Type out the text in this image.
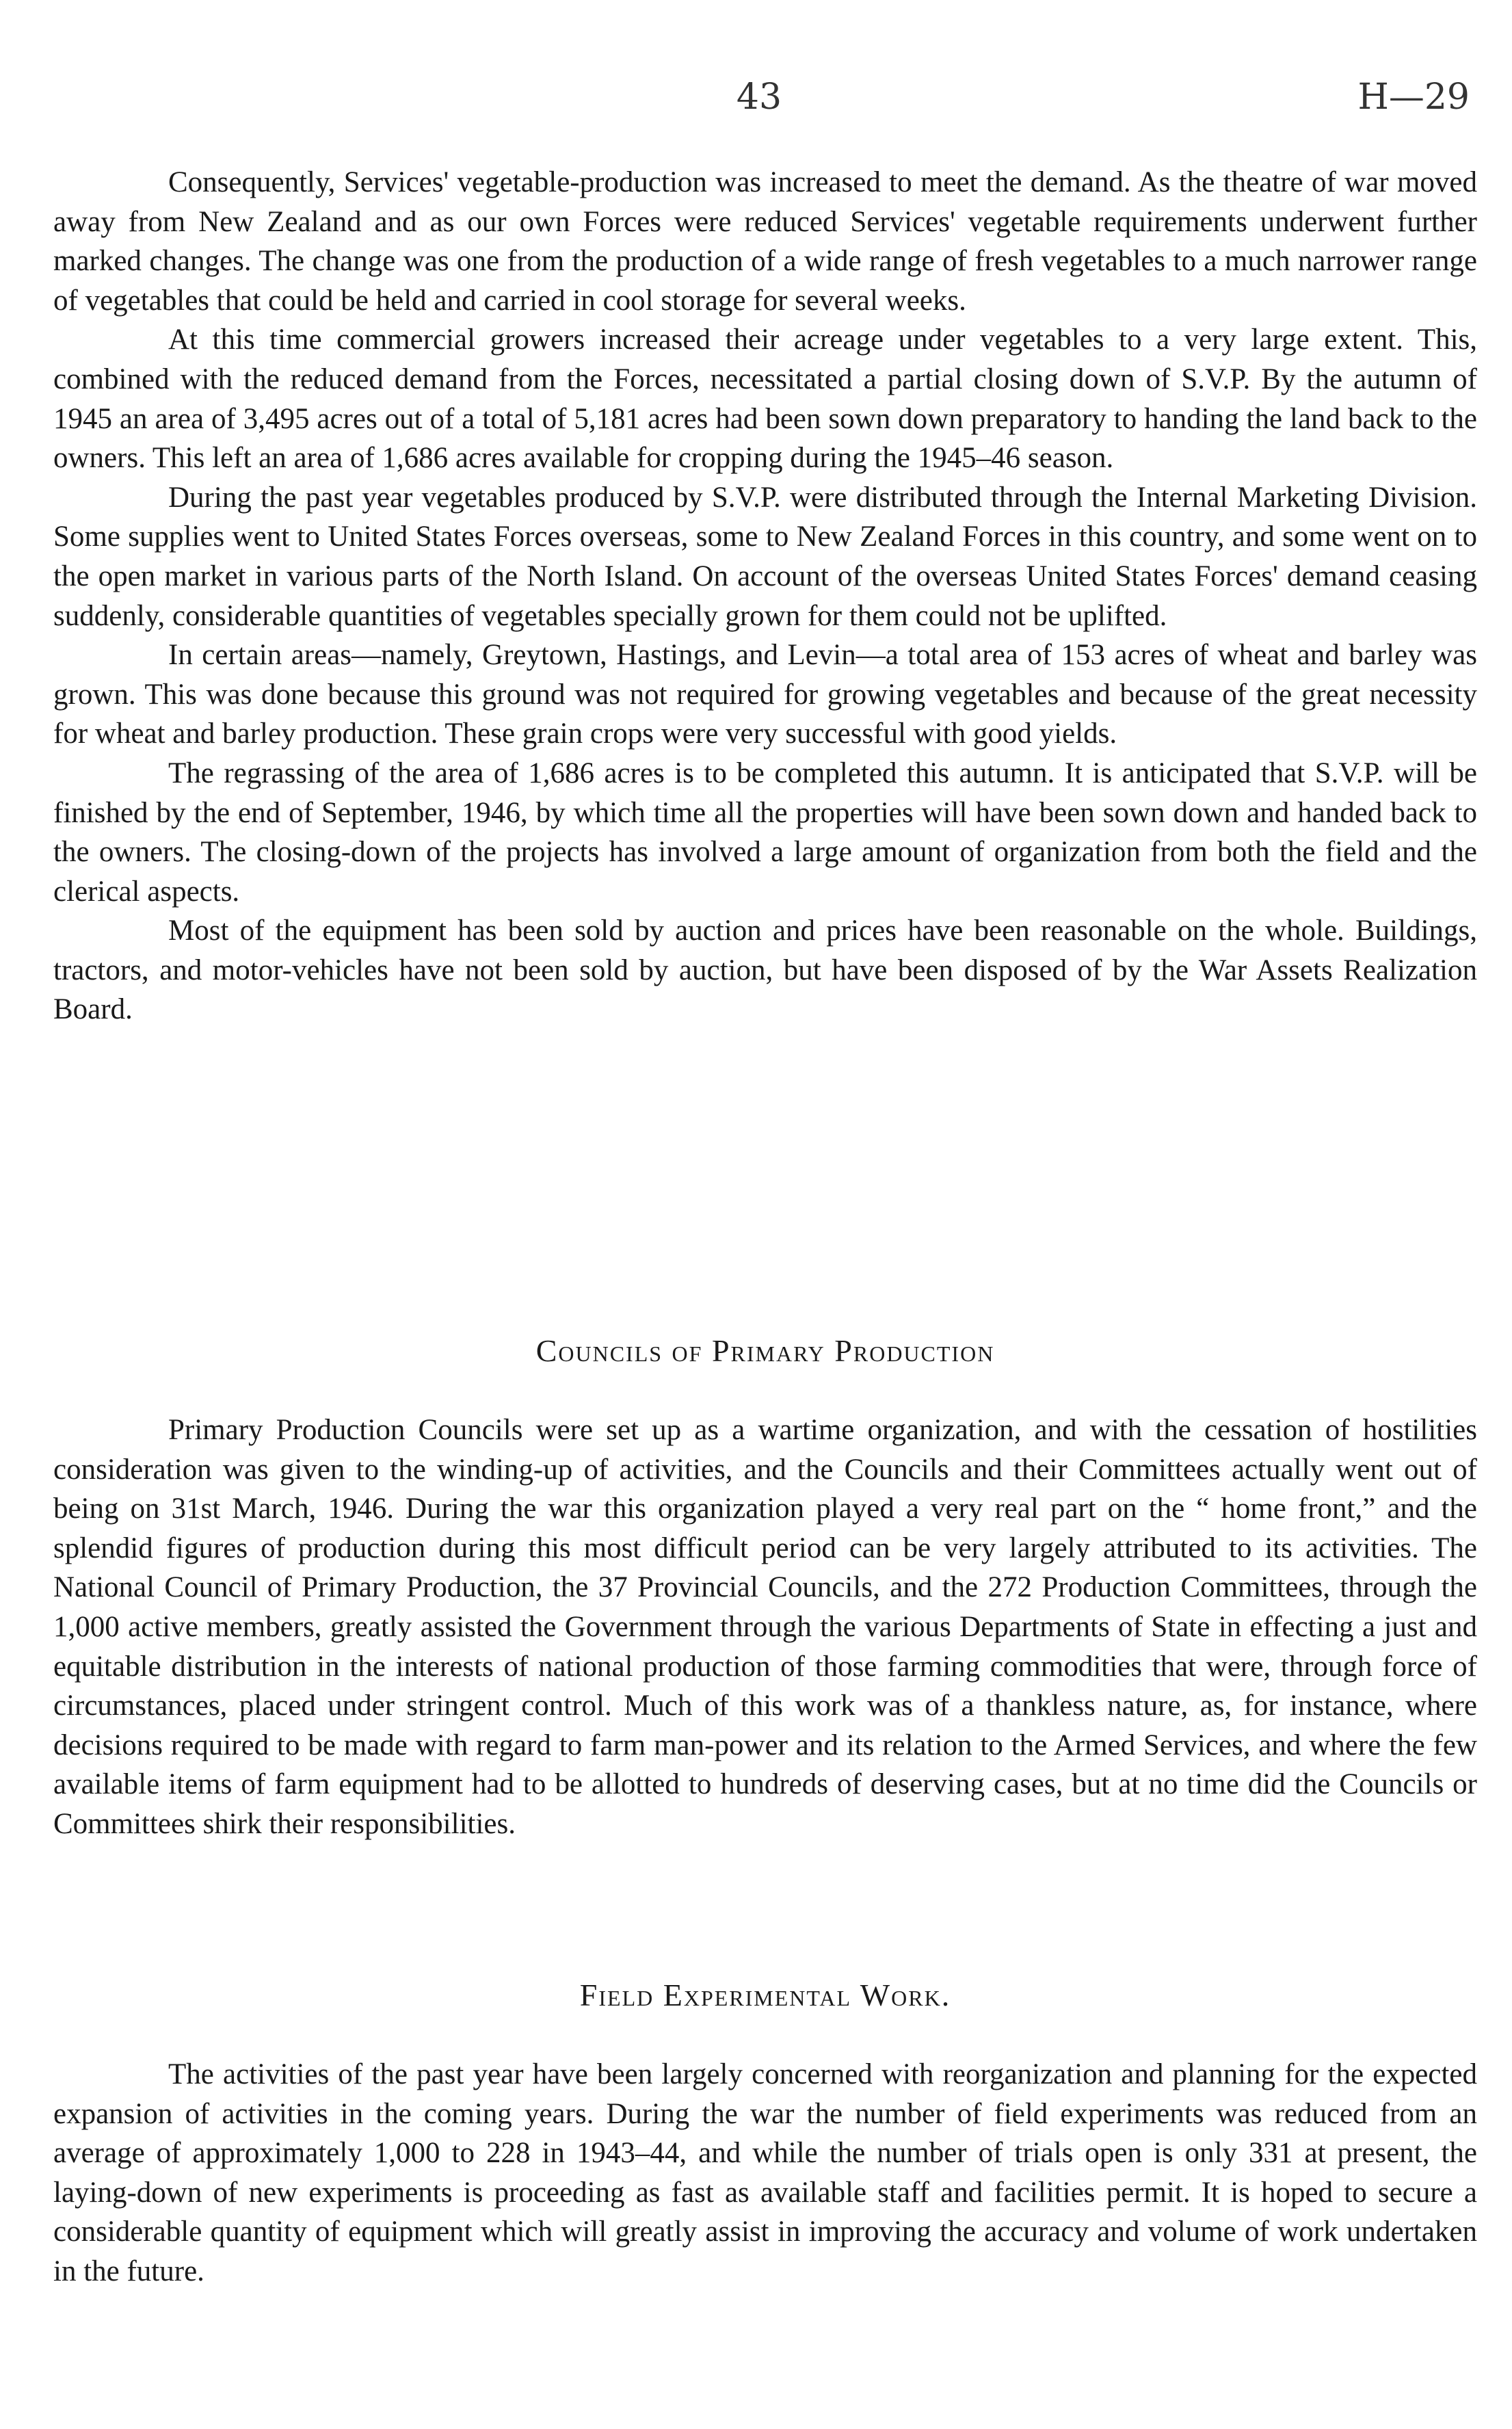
43	H—29

Consequently, Services' vegetable-production was increased to meet the demand. As the theatre of war moved away from New Zealand and as our own Forces were reduced Services' vegetable requirements underwent further marked changes. The change was one from the production of a wide range of fresh vegetables to a much narrower range of vegetables that could be held and carried in cool storage for several weeks.

At this time commercial growers increased their acreage under vegetables to a very large extent. This, combined with the reduced demand from the Forces, necessitated a partial closing down of S.V.P. By the autumn of 1945 an area of 3,495 acres out of a total of 5,181 acres had been sown down preparatory to handing the land back to the owners. This left an area of 1,686 acres available for cropping during the 1945–46 season.

During the past year vegetables produced by S.V.P. were distributed through the Internal Marketing Division. Some supplies went to United States Forces overseas, some to New Zealand Forces in this country, and some went on to the open market in various parts of the North Island. On account of the overseas United States Forces' demand ceasing suddenly, considerable quantities of vegetables specially grown for them could not be uplifted.

In certain areas—namely, Greytown, Hastings, and Levin—a total area of 153 acres of wheat and barley was grown. This was done because this ground was not required for growing vegetables and because of the great necessity for wheat and barley production. These grain crops were very successful with good yields.

The regrassing of the area of 1,686 acres is to be completed this autumn. It is anticipated that S.V.P. will be finished by the end of September, 1946, by which time all the properties will have been sown down and handed back to the owners. The closing-down of the projects has involved a large amount of organization from both the field and the clerical aspects.

Most of the equipment has been sold by auction and prices have been reasonable on the whole. Buildings, tractors, and motor-vehicles have not been sold by auction, but have been disposed of by the War Assets Realization Board.

Councils of Primary Production

Primary Production Councils were set up as a wartime organization, and with the cessation of hostilities consideration was given to the winding-up of activities, and the Councils and their Committees actually went out of being on 31st March, 1946. During the war this organization played a very real part on the “ home front,” and the splendid figures of production during this most difficult period can be very largely attributed to its activities. The National Council of Primary Production, the 37 Provincial Councils, and the 272 Production Committees, through the 1,000 active members, greatly assisted the Government through the various Departments of State in effecting a just and equitable distribution in the interests of national production of those farming commodities that were, through force of circumstances, placed under stringent control. Much of this work was of a thankless nature, as, for instance, where decisions required to be made with regard to farm man-power and its relation to the Armed Services, and where the few available items of farm equipment had to be allotted to hundreds of deserving cases, but at no time did the Councils or Committees shirk their responsibilities.

Field Experimental Work.

The activities of the past year have been largely concerned with reorganization and planning for the expected expansion of activities in the coming years. During the war the number of field experiments was reduced from an average of approximately 1,000 to 228 in 1943–44, and while the number of trials open is only 331 at present, the laying-down of new experiments is proceeding as fast as available staff and facilities permit. It is hoped to secure a considerable quantity of equipment which will greatly assist in improving the accuracy and volume of work undertaken in the future.
